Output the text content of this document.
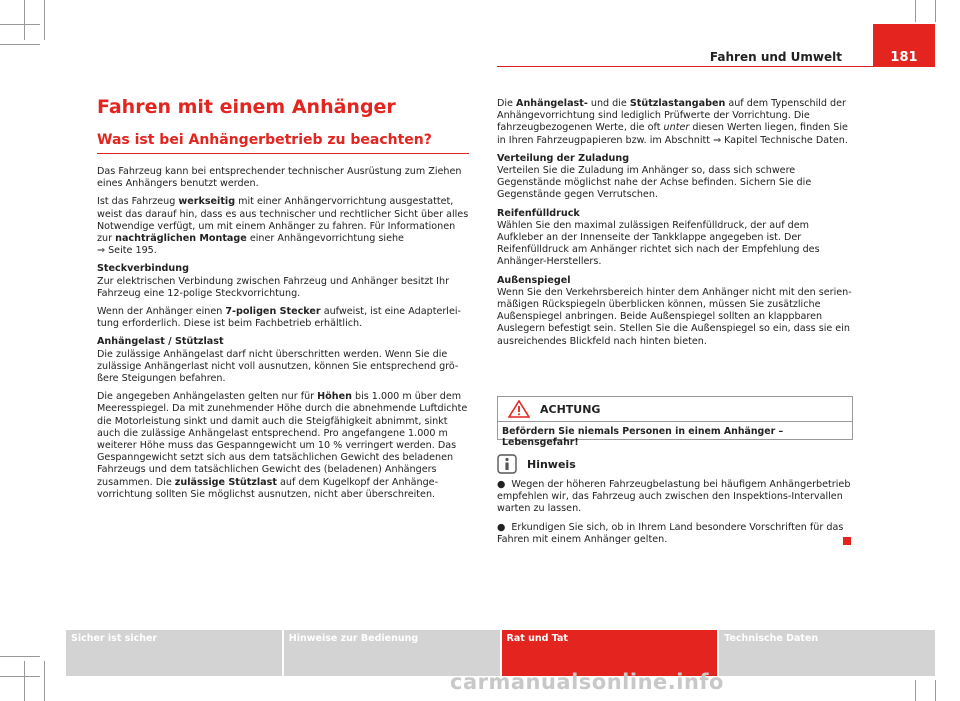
Fahren und Umwelt	181
Fahren mit einem Anhänger
Was ist bei Anhängerbetrieb zu beachten?

Das Fahrzeug kann bei entsprechender technischer Ausrüstung zum Ziehen eines Anhängers benutzt werden.

Ist das Fahrzeug werkseitig mit einer Anhängervorrichtung ausgestattet, weist das darauf hin, dass es aus technischer und rechtlicher Sicht über alles Notwendige verfügt, um mit einem Anhänger zu fahren. Für Informationen zur nachträglichen Montage einer Anhängevorrichtung siehe
⇒ Seite 195.

Steckverbindung

Zur elektrischen Verbindung zwischen Fahrzeug und Anhänger besitzt Ihr Fahrzeug eine 12-polige Steckvorrichtung.

Wenn der Anhänger einen 7-poligen Stecker aufweist, ist eine Adapterleitung erforderlich. Diese ist beim Fachbetrieb erhältlich.

Anhängelast / Stützlast

Die zulässige Anhängelast darf nicht überschritten werden. Wenn Sie die zulässige Anhängerlast nicht voll ausnutzen, können Sie entsprechend größere Steigungen befahren.

Die angegeben Anhängelasten gelten nur für Höhen bis 1.000 m über dem Meeresspiegel. Da mit zunehmender Höhe durch die abnehmende Luftdichte die Motorleistung sinkt und damit auch die Steigfähigkeit abnimmt, sinkt auch die zulässige Anhängelast entsprechend. Pro angefangene 1.000 m weiterer Höhe muss das Gespanngewicht um 10 % verringert werden. Das Gespanngewicht setzt sich aus dem tatsächlichen Gewicht des beladenen Fahrzeugs und dem tatsächlichen Gewicht des (beladenen) Anhängers zusammen. Die zulässige Stützlast auf dem Kugelkopf der Anhängevorrichtung sollten Sie möglichst ausnutzen, nicht aber überschreiten.

Die Anhängelast- und die Stützlastangaben auf dem Typenschild der Anhängevorrichtung sind lediglich Prüfwerte der Vorrichtung. Die fahrzeugbezogenen Werte, die oft unter diesen Werten liegen, finden Sie in Ihren Fahrzeugpapieren bzw. im Abschnitt ⇒ Kapitel Technische Daten.

Verteilung der Zuladung

Verteilen Sie die Zuladung im Anhänger so, dass sich schwere Gegenstände möglichst nahe der Achse befinden. Sichern Sie die Gegenstände gegen Verrutschen.

Reifenfülldruck

Wählen Sie den maximal zulässigen Reifenfülldruck, der auf dem Aufkleber an der Innenseite der Tankklappe angegeben ist. Der Reifenfülldruck am Anhänger richtet sich nach der Empfehlung des Anhänger-Herstellers.

Außenspiegel

Wenn Sie den Verkehrsbereich hinter dem Anhänger nicht mit den serienmäßigen Rückspiegeln überblicken können, müssen Sie zusätzliche Außenspiegel anbringen. Beide Außenspiegel sollten an klappbaren Auslegern befestigt sein. Stellen Sie die Außenspiegel so ein, dass sie ein ausreichendes Blickfeld nach hinten bieten.

ACHTUNG
Befördern Sie niemals Personen in einem Anhänger – Lebensgefahr!
Hinweis

● Wegen der höheren Fahrzeugbelastung bei häufigem Anhängerbetrieb empfehlen wir, das Fahrzeug auch zwischen den Inspektions-Intervallen warten zu lassen.

● Erkundigen Sie sich, ob in Ihrem Land besondere Vorschriften für das Fahren mit einem Anhänger gelten.

Sicher ist sicher	Hinweise zur Bedienung	Rat und Tat	Technische Daten
carmanualsonline.info
